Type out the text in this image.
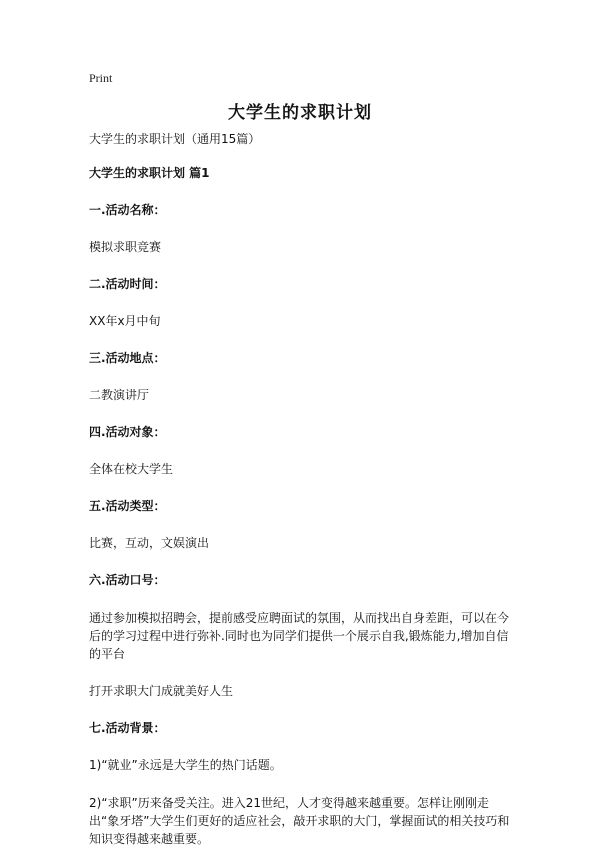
Print
大学生的求职计划

大学生的求职计划（通用15篇）

大学生的求职计划 篇1

一.活动名称：

模拟求职竞赛

二.活动时间：

XX年x月中旬

三.活动地点：

二教演讲厅

四.活动对象：

全体在校大学生

五.活动类型：

比赛，互动，文娱演出

六.活动口号：

通过参加模拟招聘会，提前感受应聘面试的氛围，从而找出自身差距，可以在今后的学习过程中进行弥补.同时也为同学们提供一个展示自我,锻炼能力,增加自信的平台

打开求职大门成就美好人生

七.活动背景：

1)“就业”永远是大学生的热门话题。

2)“求职”历来备受关注。进入21世纪，人才变得越来越重要。怎样让刚刚走出“象牙塔”大学生们更好的适应社会，敲开求职的大门，掌握面试的相关技巧和知识变得越来越重要。
